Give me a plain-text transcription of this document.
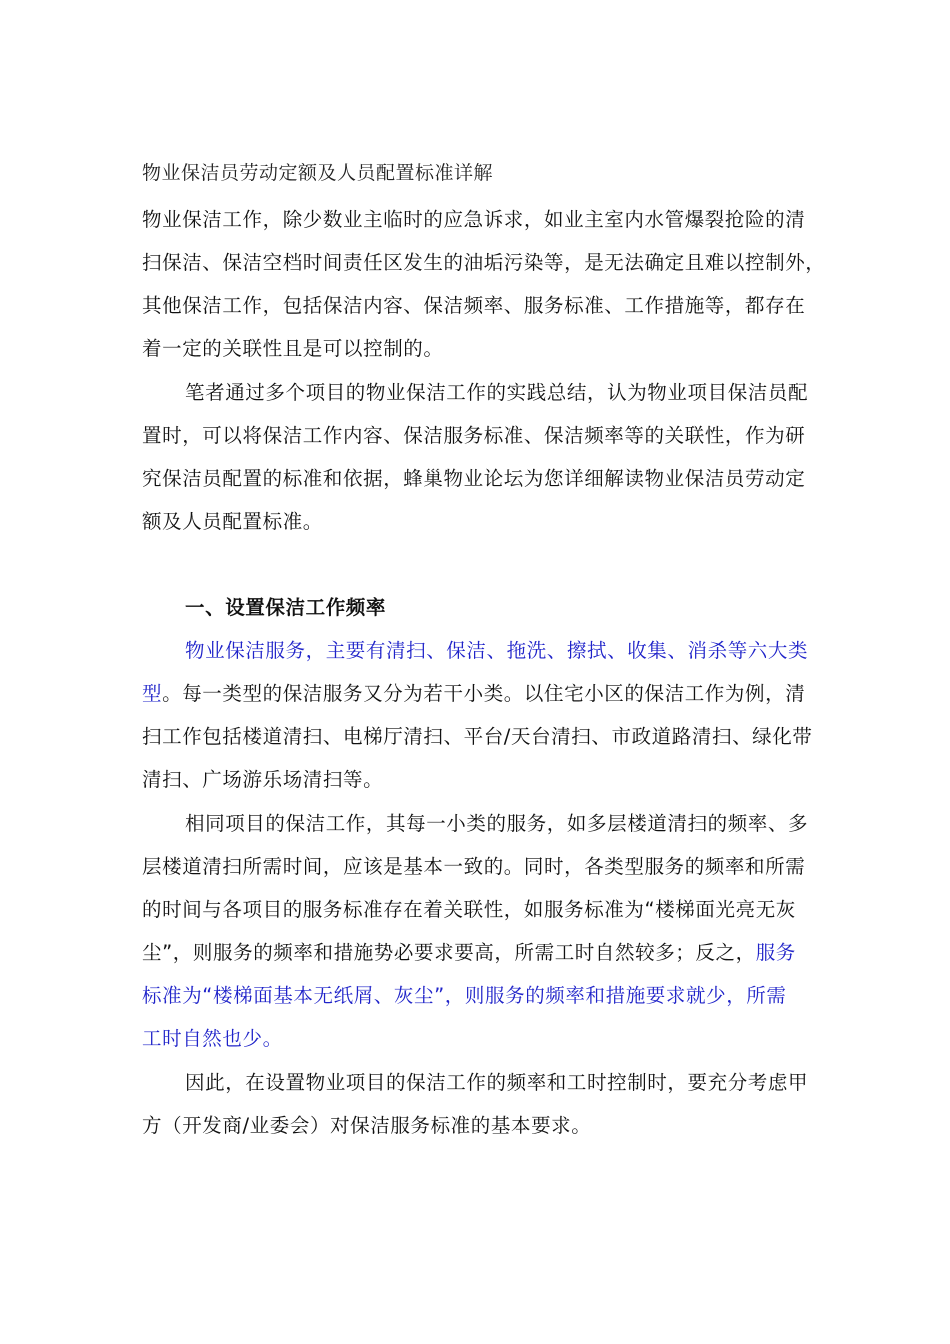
物业保洁员劳动定额及人员配置标准详解
物业保洁工作，除少数业主临时的应急诉求，如业主室内水管爆裂抢险的清
扫保洁、保洁空档时间责任区发生的油垢污染等，是无法确定且难以控制外，
其他保洁工作，包括保洁内容、保洁频率、服务标准、工作措施等，都存在
着一定的关联性且是可以控制的。
笔者通过多个项目的物业保洁工作的实践总结，认为物业项目保洁员配
置时，可以将保洁工作内容、保洁服务标准、保洁频率等的关联性，作为研
究保洁员配置的标准和依据，蜂巢物业论坛为您详细解读物业保洁员劳动定
额及人员配置标准。
一、设置保洁工作频率
物业保洁服务，主要有清扫、保洁、拖洗、擦拭、收集、消杀等六大类
型。每一类型的保洁服务又分为若干小类。以住宅小区的保洁工作为例，清
扫工作包括楼道清扫、电梯厅清扫、平台/天台清扫、市政道路清扫、绿化带
清扫、广场游乐场清扫等。
相同项目的保洁工作，其每一小类的服务，如多层楼道清扫的频率、多
层楼道清扫所需时间，应该是基本一致的。同时，各类型服务的频率和所需
的时间与各项目的服务标准存在着关联性，如服务标准为“楼梯面光亮无灰
尘”，则服务的频率和措施势必要求要高，所需工时自然较多；反之，服务
标准为“楼梯面基本无纸屑、灰尘”，则服务的频率和措施要求就少，所需
工时自然也少。
因此，在设置物业项目的保洁工作的频率和工时控制时，要充分考虑甲
方（开发商/业委会）对保洁服务标准的基本要求。
